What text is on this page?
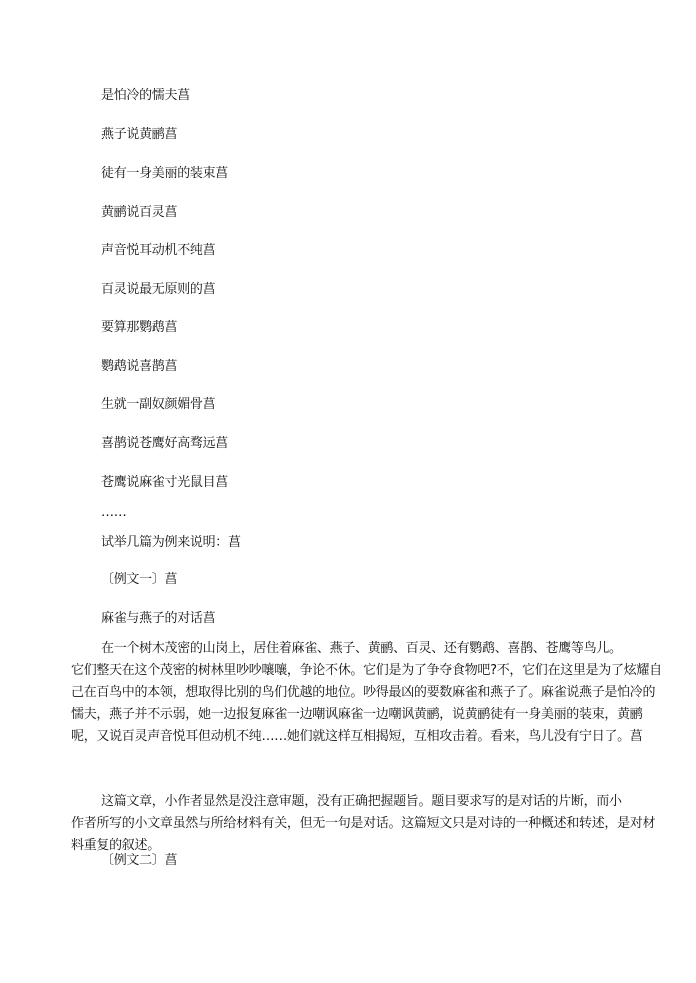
是怕冷的懦夫菖
燕子说黄鹂菖
徒有一身美丽的装束菖
黄鹂说百灵菖
声音悦耳动机不纯菖
百灵说最无原则的菖
要算那鹦鹉菖
鹦鹉说喜鹊菖
生就一副奴颜媚骨菖
喜鹊说苍鹰好高骛远菖
苍鹰说麻雀寸光鼠目菖
……
试举几篇为例来说明：菖
〔例文一〕菖
麻雀与燕子的对话菖
在一个树木茂密的山岗上，居住着麻雀、燕子、黄鹂、百灵、还有鹦鹉、喜鹊、苍鹰等鸟儿。
它们整天在这个茂密的树林里吵吵嚷嚷，争论不休。它们是为了争夺食物吧?不，它们在这里是为了炫耀自己在百鸟中的本领，想取得比别的鸟们优越的地位。吵得最凶的要数麻雀和燕子了。麻雀说燕子是怕冷的懦夫，燕子并不示弱，她一边报复麻雀一边嘲讽麻雀一边嘲讽黄鹂，说黄鹂徒有一身美丽的装束，黄鹂呢，又说百灵声音悦耳但动机不纯……她们就这样互相揭短，互相攻击着。看来，鸟儿没有宁日了。菖
这篇文章，小作者显然是没注意审题，没有正确把握题旨。题目要求写的是对话的片断，而小
作者所写的小文章虽然与所给材料有关，但无一句是对话。这篇短文只是对诗的一种概述和转述，是对材料重复的叙述。
〔例文二〕菖
